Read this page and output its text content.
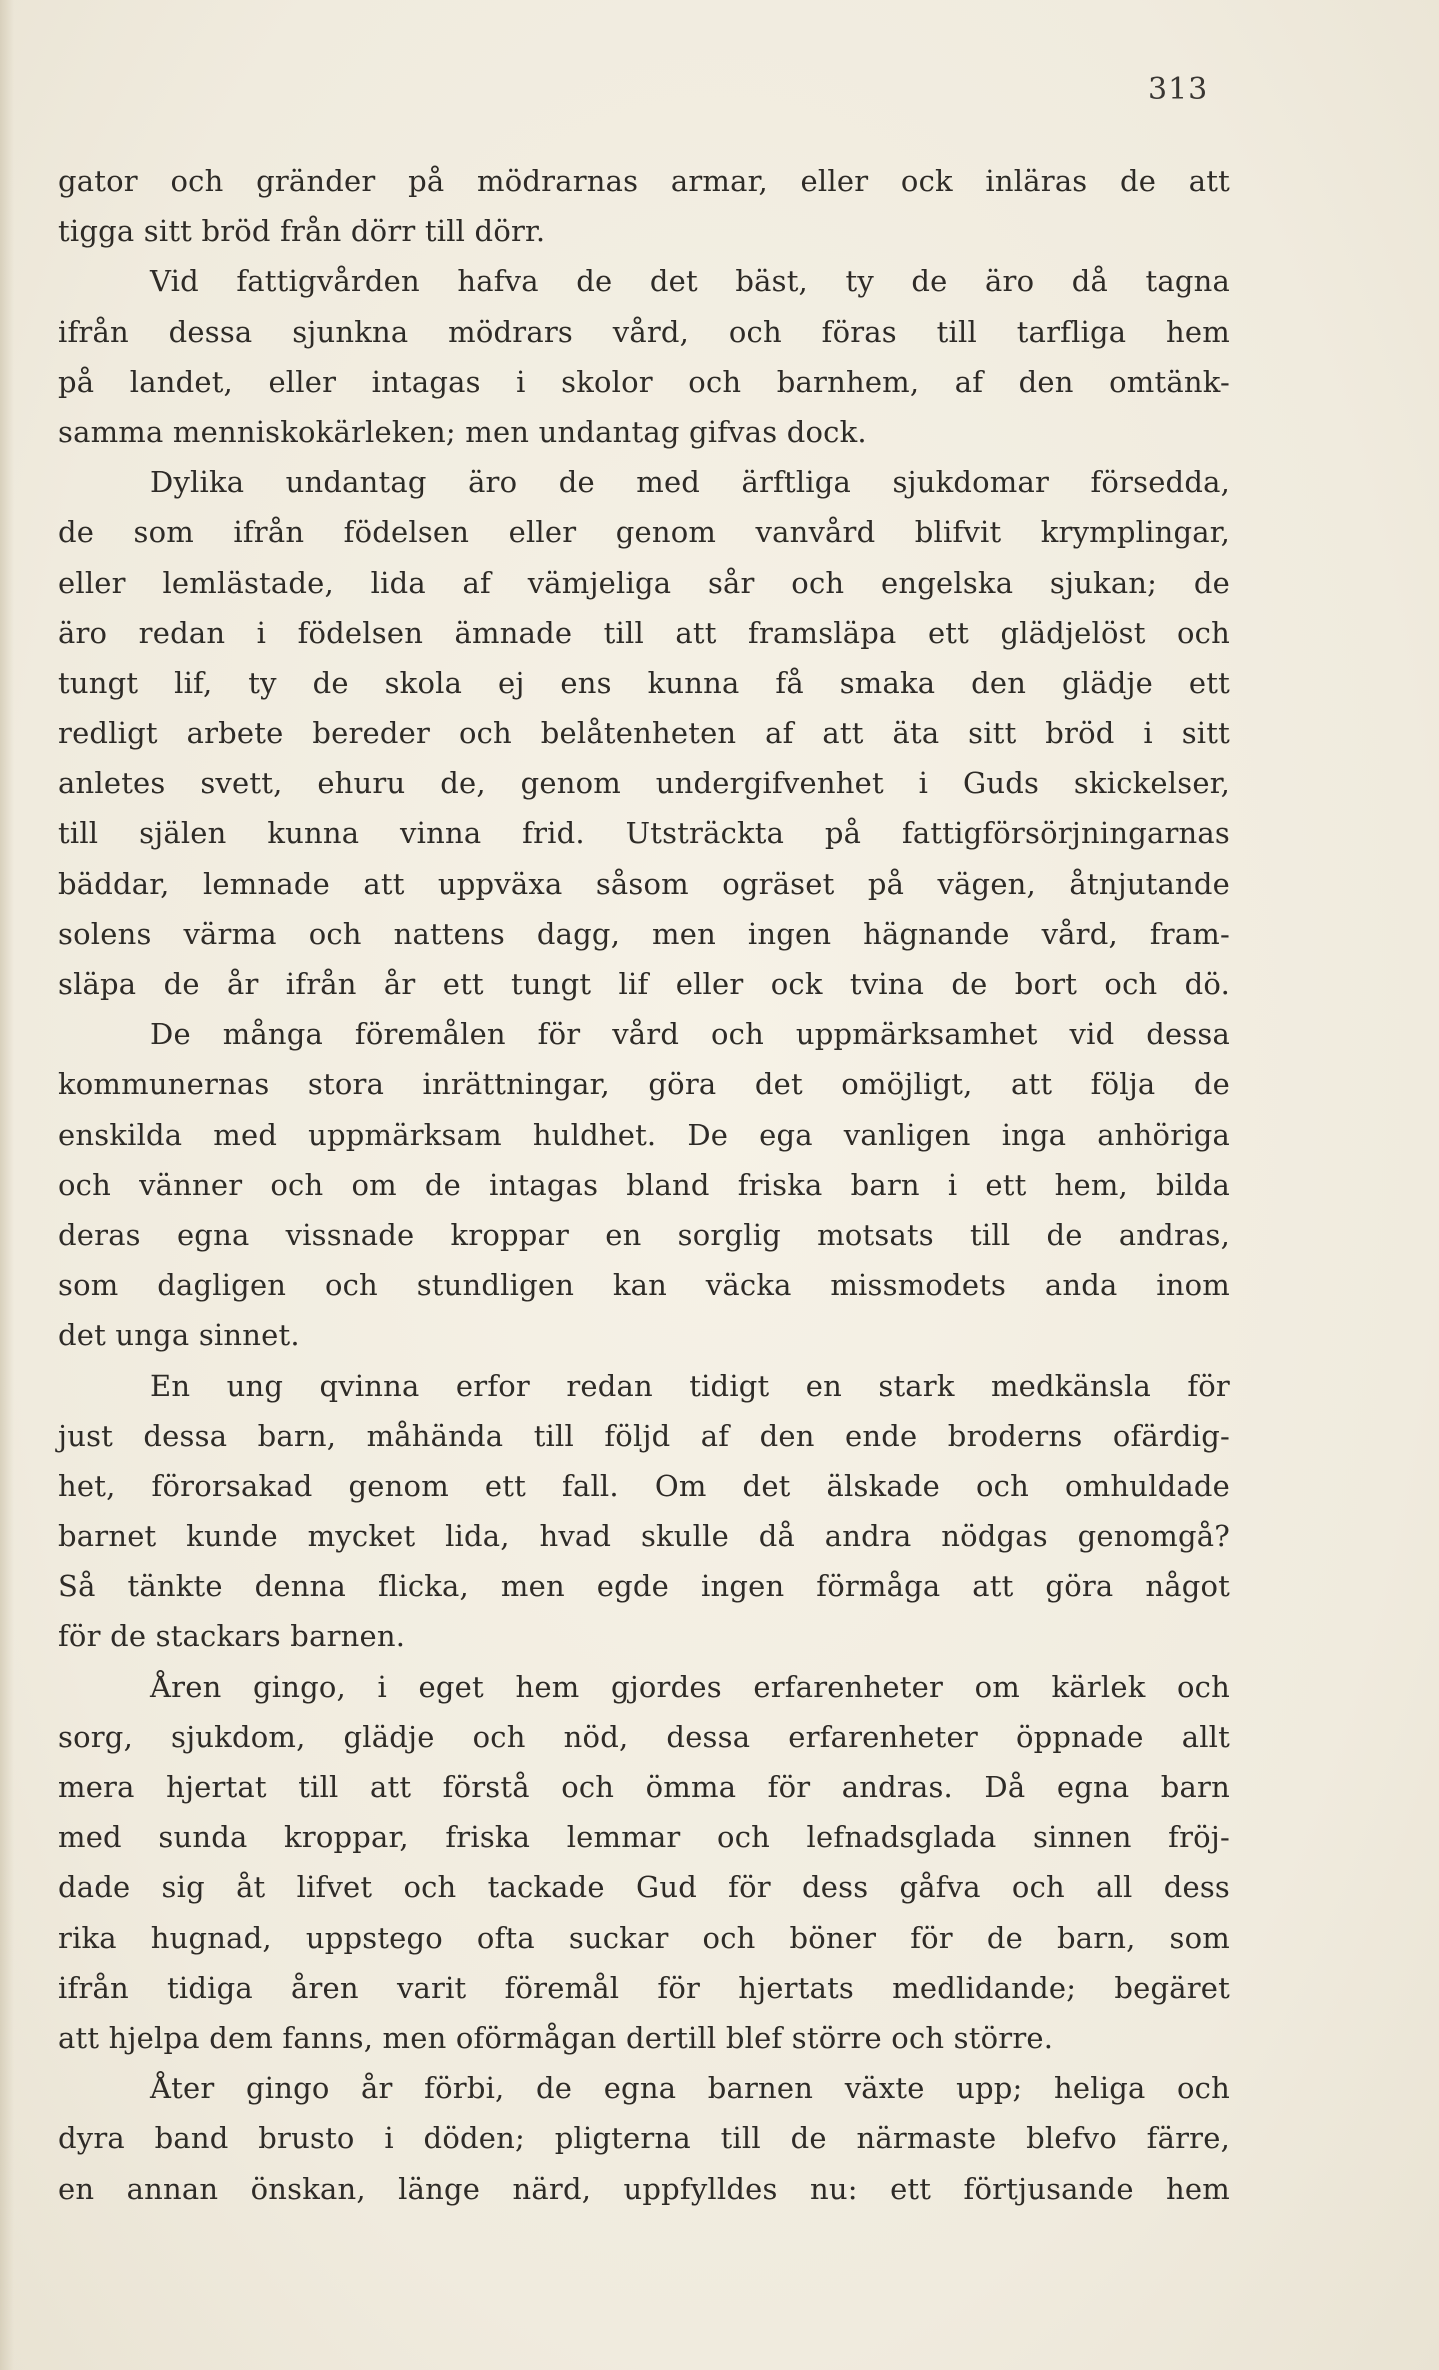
313
gator och gränder på mödrarnas armar, eller ock inläras de att
tigga sitt bröd från dörr till dörr.
Vid fattigvården hafva de det bäst, ty de äro då tagna
ifrån dessa sjunkna mödrars vård, och föras till tarfliga hem
på landet, eller intagas i skolor och barnhem, af den omtänk-
samma menniskokärleken; men undantag gifvas dock.
Dylika undantag äro de med ärftliga sjukdomar försedda,
de som ifrån födelsen eller genom vanvård blifvit krymplingar,
eller lemlästade, lida af vämjeliga sår och engelska sjukan; de
äro redan i födelsen ämnade till att framsläpa ett glädjelöst och
tungt lif, ty de skola ej ens kunna få smaka den glädje ett
redligt arbete bereder och belåtenheten af att äta sitt bröd i sitt
anletes svett, ehuru de, genom undergifvenhet i Guds skickelser,
till själen kunna vinna frid. Utsträckta på fattigförsörjningarnas
bäddar, lemnade att uppväxa såsom ogräset på vägen, åtnjutande
solens värma och nattens dagg, men ingen hägnande vård, fram-
släpa de år ifrån år ett tungt lif eller ock tvina de bort och dö.
De många föremålen för vård och uppmärksamhet vid dessa
kommunernas stora inrättningar, göra det omöjligt, att följa de
enskilda med uppmärksam huldhet. De ega vanligen inga anhöriga
och vänner och om de intagas bland friska barn i ett hem, bilda
deras egna vissnade kroppar en sorglig motsats till de andras,
som dagligen och stundligen kan väcka missmodets anda inom
det unga sinnet.
En ung qvinna erfor redan tidigt en stark medkänsla för
just dessa barn, måhända till följd af den ende broderns ofärdig-
het, förorsakad genom ett fall. Om det älskade och omhuldade
barnet kunde mycket lida, hvad skulle då andra nödgas genomgå?
Så tänkte denna flicka, men egde ingen förmåga att göra något
för de stackars barnen.
Åren gingo, i eget hem gjordes erfarenheter om kärlek och
sorg, sjukdom, glädje och nöd, dessa erfarenheter öppnade allt
mera hjertat till att förstå och ömma för andras. Då egna barn
med sunda kroppar, friska lemmar och lefnadsglada sinnen fröj-
dade sig åt lifvet och tackade Gud för dess gåfva och all dess
rika hugnad, uppstego ofta suckar och böner för de barn, som
ifrån tidiga åren varit föremål för hjertats medlidande; begäret
att hjelpa dem fanns, men oförmågan dertill blef större och större.
Åter gingo år förbi, de egna barnen växte upp; heliga och
dyra band brusto i döden; pligterna till de närmaste blefvo färre,
en annan önskan, länge närd, uppfylldes nu: ett förtjusande hem
